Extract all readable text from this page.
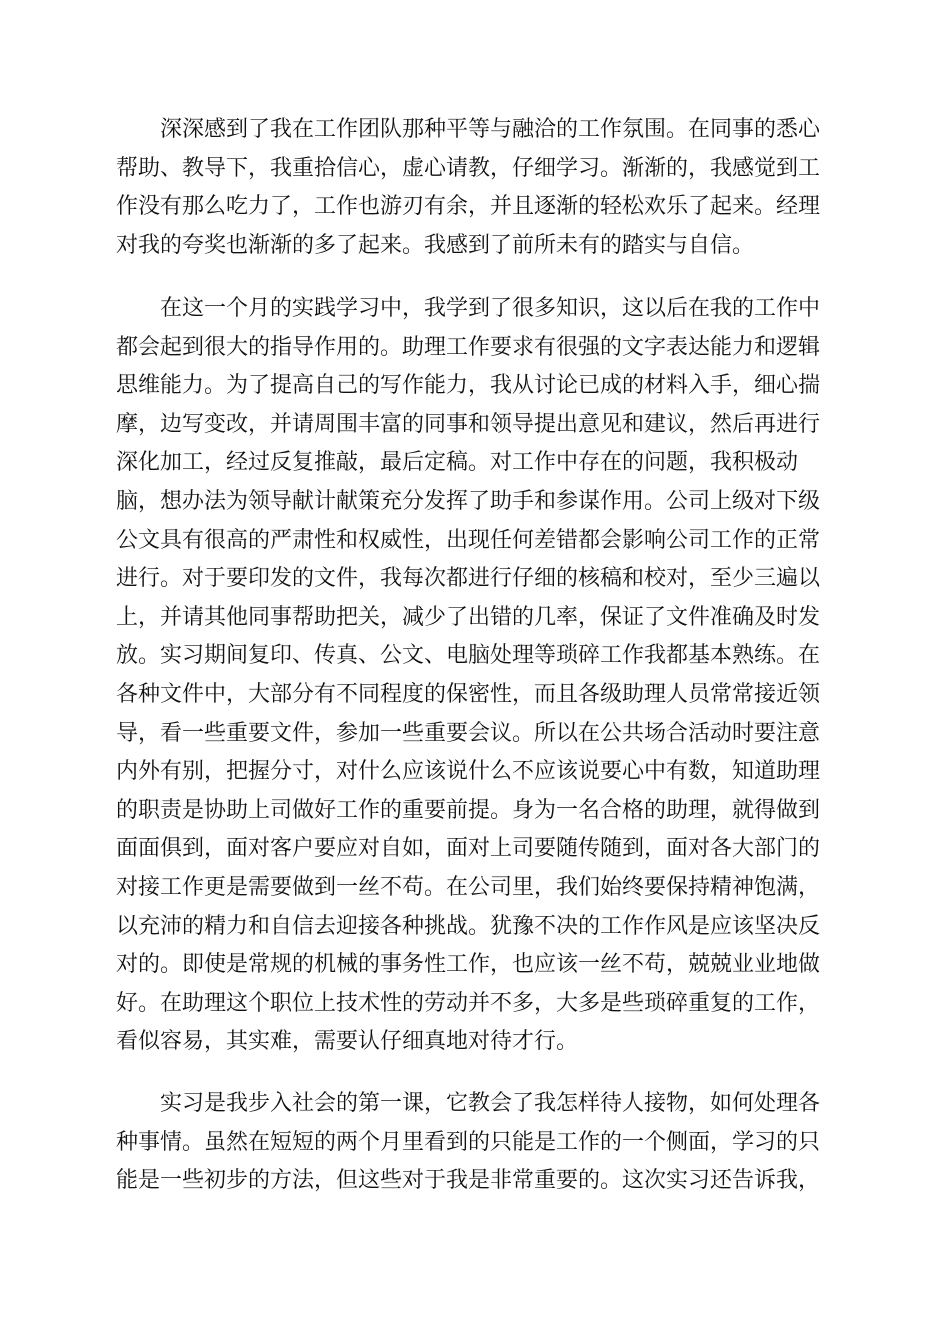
深深感到了我在工作团队那种平等与融洽的工作氛围。在同事的悉心
帮助、教导下，我重拾信心，虚心请教，仔细学习。渐渐的，我感觉到工
作没有那么吃力了，工作也游刃有余，并且逐渐的轻松欢乐了起来。经理
对我的夸奖也渐渐的多了起来。我感到了前所未有的踏实与自信。
在这一个月的实践学习中，我学到了很多知识，这以后在我的工作中
都会起到很大的指导作用的。助理工作要求有很强的文字表达能力和逻辑
思维能力。为了提高自己的写作能力，我从讨论已成的材料入手，细心揣
摩，边写变改，并请周围丰富的同事和领导提出意见和建议，然后再进行
深化加工，经过反复推敲，最后定稿。对工作中存在的问题，我积极动
脑，想办法为领导献计献策充分发挥了助手和参谋作用。公司上级对下级
公文具有很高的严肃性和权威性，出现任何差错都会影响公司工作的正常
进行。对于要印发的文件，我每次都进行仔细的核稿和校对，至少三遍以
上，并请其他同事帮助把关，减少了出错的几率，保证了文件准确及时发
放。实习期间复印、传真、公文、电脑处理等琐碎工作我都基本熟练。在
各种文件中，大部分有不同程度的保密性，而且各级助理人员常常接近领
导，看一些重要文件，参加一些重要会议。所以在公共场合活动时要注意
内外有别，把握分寸，对什么应该说什么不应该说要心中有数，知道助理
的职责是协助上司做好工作的重要前提。身为一名合格的助理，就得做到
面面俱到，面对客户要应对自如，面对上司要随传随到，面对各大部门的
对接工作更是需要做到一丝不苟。在公司里，我们始终要保持精神饱满，
以充沛的精力和自信去迎接各种挑战。犹豫不决的工作作风是应该坚决反
对的。即使是常规的机械的事务性工作，也应该一丝不苟，兢兢业业地做
好。在助理这个职位上技术性的劳动并不多，大多是些琐碎重复的工作，
看似容易，其实难，需要认仔细真地对待才行。
实习是我步入社会的第一课，它教会了我怎样待人接物，如何处理各
种事情。虽然在短短的两个月里看到的只能是工作的一个侧面，学习的只
能是一些初步的方法，但这些对于我是非常重要的。这次实习还告诉我，
